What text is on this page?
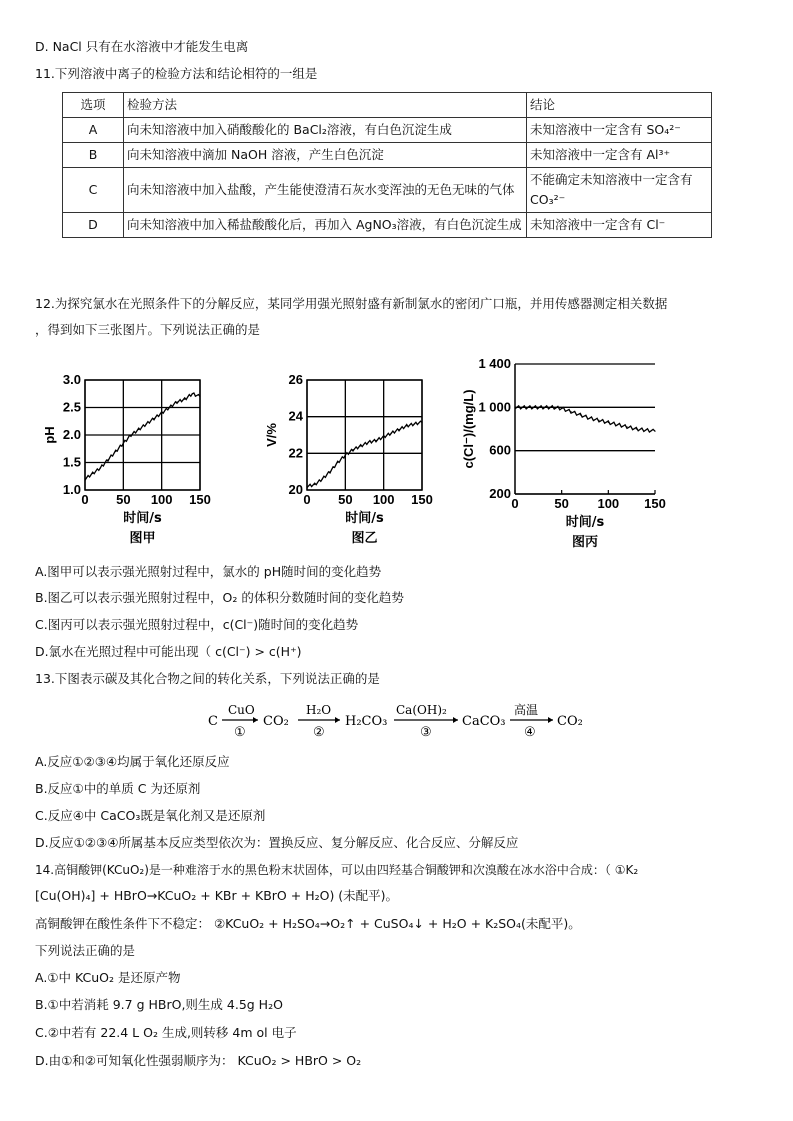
D. NaCl 只有在水溶液中才能发生电离
11.下列溶液中离子的检验方法和结论相符的一组是
选项	检验方法	结论
A	向未知溶液中加入硝酸酸化的 BaCl₂溶液，有白色沉淀生成	未知溶液中一定含有 SO₄²⁻
B	向未知溶液中滴加 NaOH 溶液，产生白色沉淀	未知溶液中一定含有 Al³⁺
C	向未知溶液中加入盐酸，产生能使澄清石灰水变浑浊的无色无味的气体	不能确定未知溶液中一定含有 CO₃²⁻
D	向未知溶液中加入稀盐酸酸化后，再加入 AgNO₃溶液，有白色沉淀生成	未知溶液中一定含有 Cl⁻
12.为探究氯水在光照条件下的分解反应，某同学用强光照射盛有新制氯水的密闭广口瓶，并用传感器测定相关数据
，得到如下三张图片。下列说法正确的是
0 50 100 150
1.0
1.5
2.0
2.5
3.0
pH
时间/s
图甲
0 50 100 150
20
22
24
26
V/%
时间/s
图乙
0	50 100 150
200
600
1 000
1 400
c(Cl⁻)/(mg/L)
时间/s
图丙
A.图甲可以表示强光照射过程中，氯水的 pH随时间的变化趋势
B.图乙可以表示强光照射过程中，O₂ 的体积分数随时间的变化趋势
C.图丙可以表示强光照射过程中，c(Cl⁻)随时间的变化趋势
D.氯水在光照过程中可能出现（ c(Cl⁻) > c(H⁺)
13.下图表示碳及其化合物之间的转化关系，下列说法正确的是
C
CuO
①
CO₂
H₂O
②
H₂CO₃
Ca(OH)₂
③
CaCO₃
高温
④
CO₂
A.反应①②③④均属于氧化还原反应
B.反应①中的单质 C 为还原剂
C.反应④中 CaCO₃既是氧化剂又是还原剂
D.反应①②③④所属基本反应类型依次为：置换反应、复分解反应、化合反应、分解反应
14.高铜酸钾(KCuO₂)是一种难溶于水的黑色粉末状固体，可以由四羟基合铜酸钾和次溴酸在冰水浴中合成：（ ①K₂
[Cu(OH)₄] + HBrO→KCuO₂ + KBr + KBrO + H₂O) (未配平)。
高铜酸钾在酸性条件下不稳定： ②KCuO₂ + H₂SO₄→O₂↑ + CuSO₄↓ + H₂O + K₂SO₄(未配平)。
下列说法正确的是
A.①中 KCuO₂ 是还原产物
B.①中若消耗 9.7 g HBrO,则生成 4.5g H₂O
C.②中若有 22.4 L O₂ 生成,则转移 4m ol 电子
D.由①和②可知氧化性强弱顺序为： KCuO₂ > HBrO > O₂
